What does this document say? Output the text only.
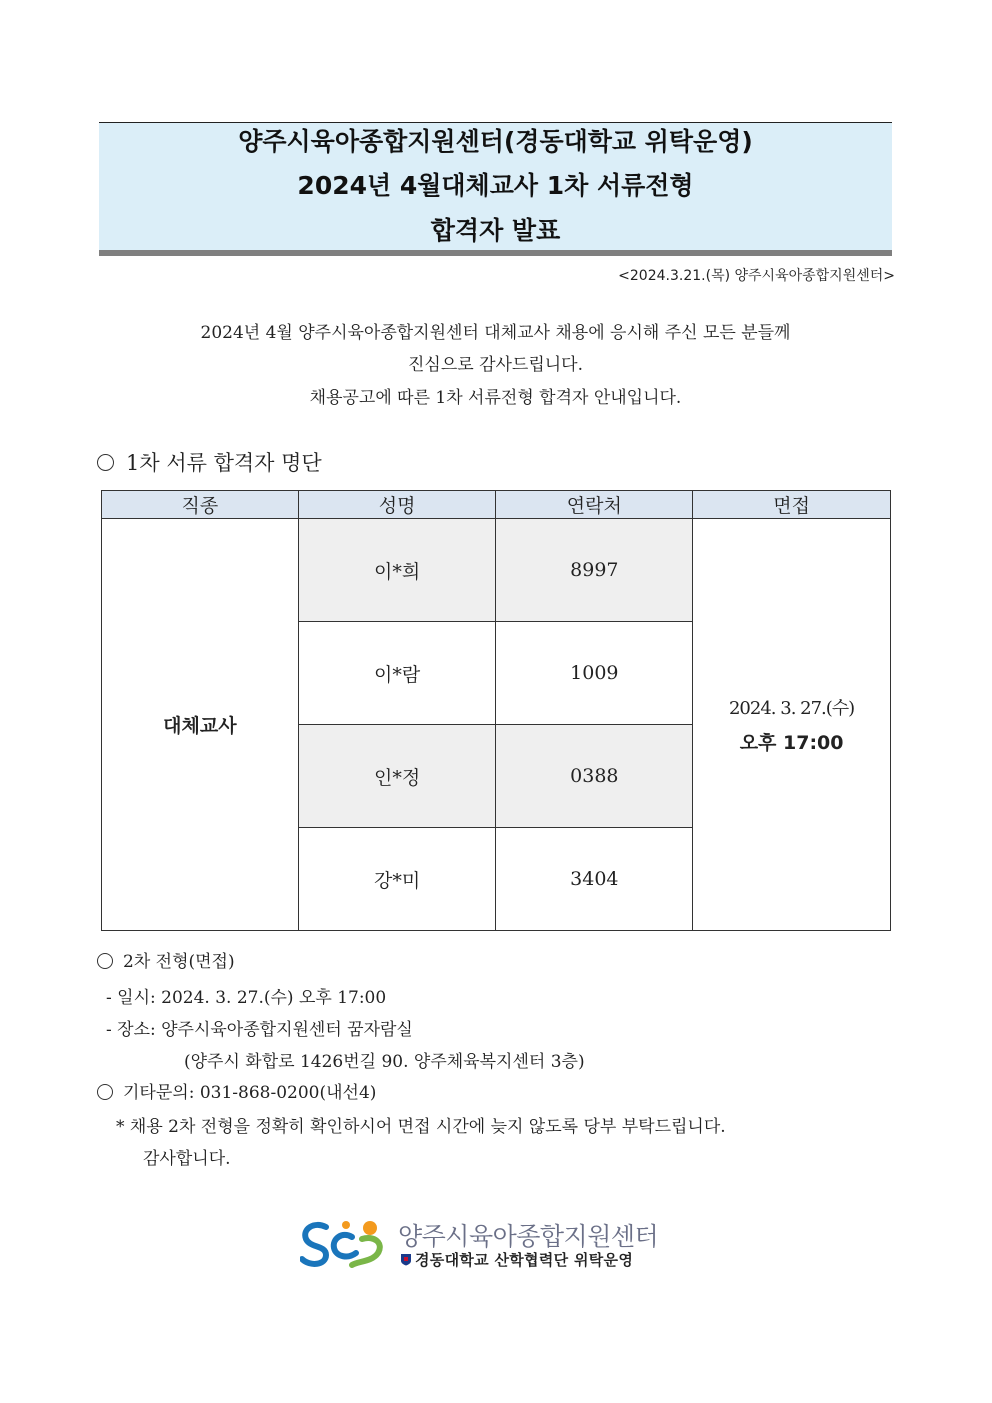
양주시육아종합지원센터(경동대학교 위탁운영)
2024년 4월대체교사 1차 서류전형
합격자 발표
<2024.3.21.(목) 양주시육아종합지원센터>
2024년 4월 양주시육아종합지원센터 대체교사 채용에 응시해 주신 모든 분들께
진심으로 감사드립니다.
채용공고에 따른 1차 서류전형 합격자 안내입니다.
1차 서류 합격자 명단
직종	성명	연락처	면접
대체교사	이*희	8997	2024. 3. 27.(수)
오후 17:00

	이*람	1009	
	인*정	0388	
	강*미	3404	
2차 전형(면접)
- 일시: 2024. 3. 27.(수) 오후 17:00
- 장소: 양주시육아종합지원센터 꿈자람실
(양주시 화합로 1426번길 90. 양주체육복지센터 3층)
기타문의: 031-868-0200(내선4)
* 채용 2차 전형을 정확히 확인하시어 면접 시간에 늦지 않도록 당부 부탁드립니다.
감사합니다.
양주시육아종합지원센터
경동대학교 산학협력단 위탁운영
